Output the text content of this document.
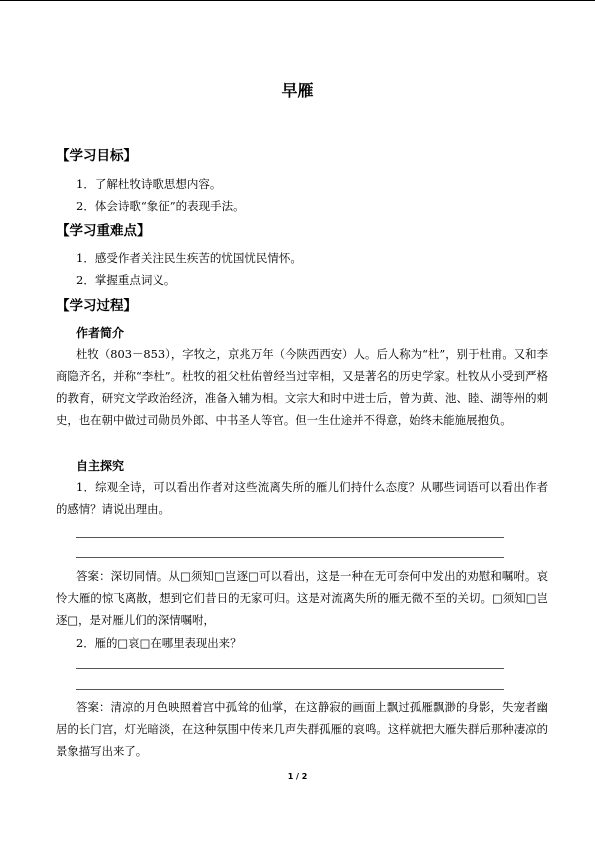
早雁
【学习目标】
1．了解杜牧诗歌思想内容。
2．体会诗歌“象征”的表现手法。
【学习重难点】
1．感受作者关注民生疾苦的忧国忧民情怀。
2．掌握重点词义。
【学习过程】
作者简介

杜牧（803－853），字牧之，京兆万年（今陕西西安）人。后人称为“杜”，别于杜甫。又和李商隐齐名，并称“李杜”。杜牧的祖父杜佑曾经当过宰相，又是著名的历史学家。杜牧从小受到严格的教育，研究文学政治经济，准备入辅为相。文宗大和时中进士后，曾为黄、池、睦、湖等州的刺史，也在朝中做过司勋员外郎、中书圣人等官。但一生仕途并不得意，始终未能施展抱负。

自主探究

1．综观全诗，可以看出作者对这些流离失所的雁儿们持什么态度？从哪些词语可以看出作者的感情？请说出理由。

答案：深切同情。从□须知□岂逐□可以看出，这是一种在无可奈何中发出的劝慰和嘱咐。哀怜大雁的惊飞离散，想到它们昔日的无家可归。这是对流离失所的雁无微不至的关切。□须知□岂逐□，是对雁儿们的深情嘱咐，

2．雁的□哀□在哪里表现出来？

答案：清凉的月色映照着宫中孤耸的仙掌，在这静寂的画面上飘过孤雁飘渺的身影，失宠者幽居的长门宫，灯光暗淡，在这种氛围中传来几声失群孤雁的哀鸣。这样就把大雁失群后那种凄凉的景象描写出来了。

1 / 2
